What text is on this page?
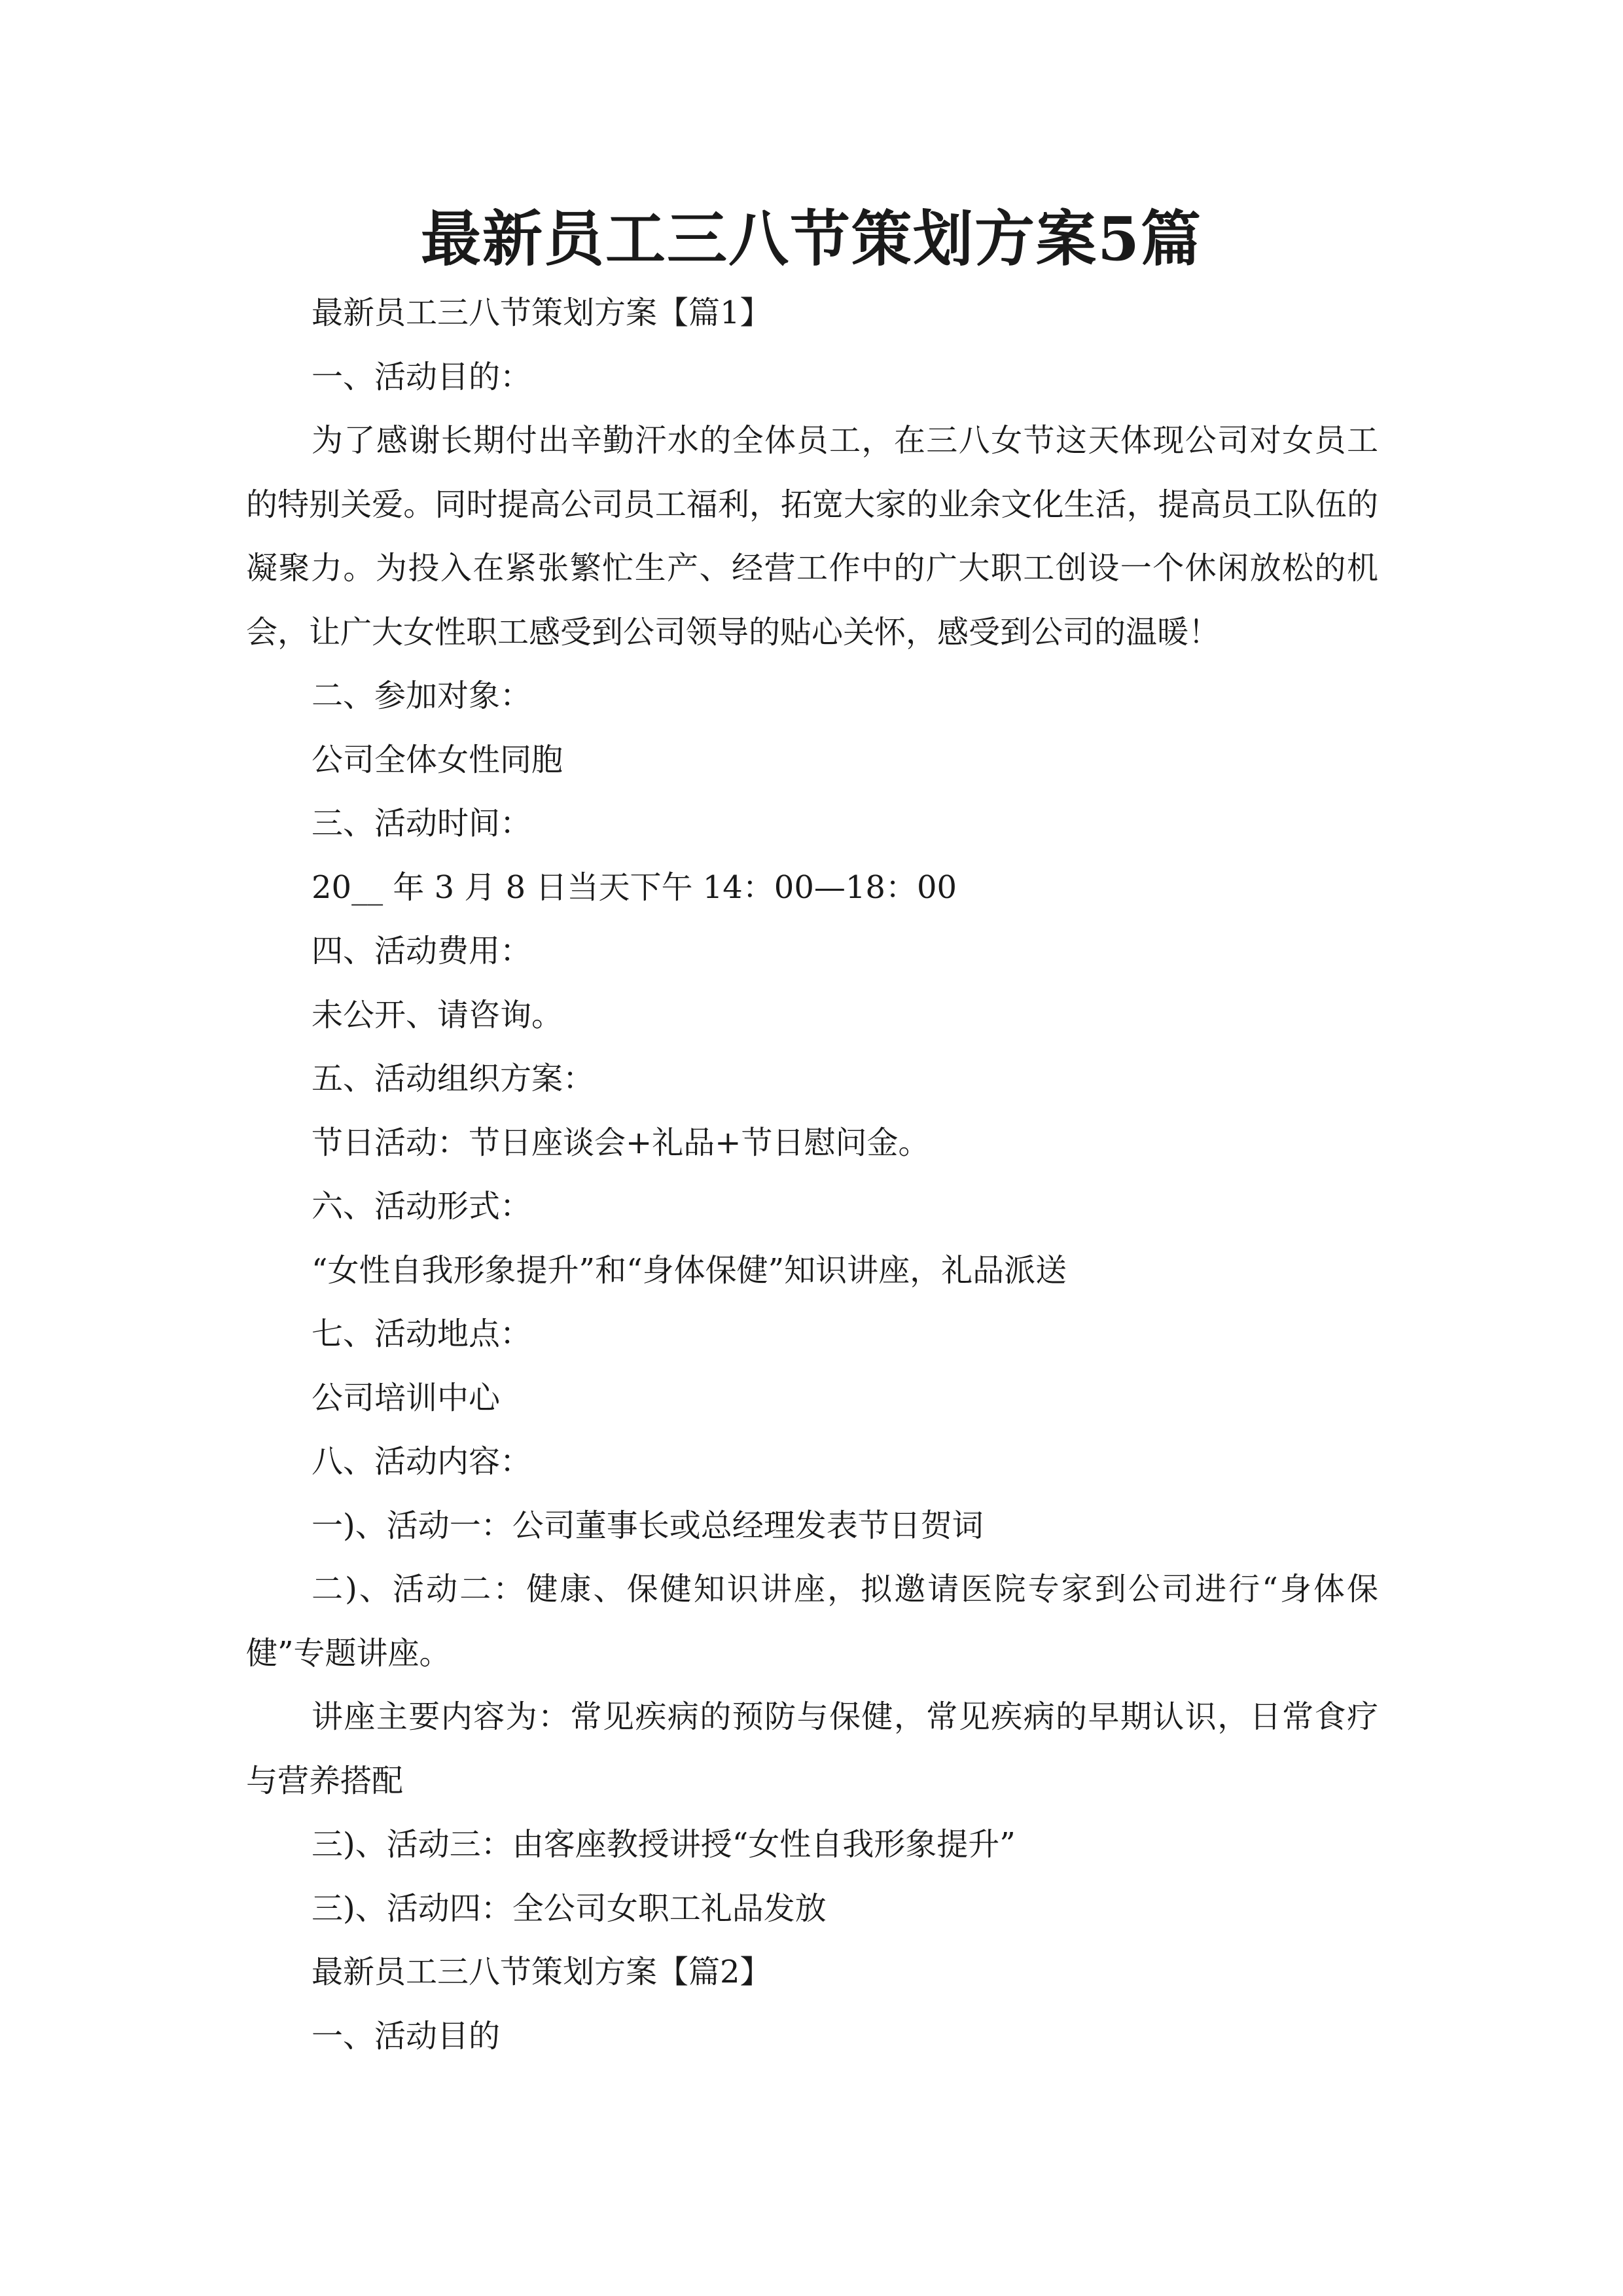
最新员工三八节策划方案5篇

最新员工三八节策划方案【篇1】

一、活动目的：

为了感谢长期付出辛勤汗水的全体员工，在三八女节这天体现公司对女员工的特别关爱。同时提高公司员工福利，拓宽大家的业余文化生活，提高员工队伍的凝聚力。为投入在紧张繁忙生产、经营工作中的广大职工创设一个休闲放松的机会，让广大女性职工感受到公司领导的贴心关怀，感受到公司的温暖！

二、参加对象：

公司全体女性同胞

三、活动时间：

20__ 年 3 月 8 日当天下午 14：00—18：00

四、活动费用：

未公开、请咨询。

五、活动组织方案：

节日活动：节日座谈会+礼品+节日慰问金。

六、活动形式：

“女性自我形象提升”和“身体保健”知识讲座，礼品派送

七、活动地点：

公司培训中心

八、活动内容：

一)、活动一：公司董事长或总经理发表节日贺词

二)、活动二：健康、保健知识讲座，拟邀请医院专家到公司进行“身体保健”专题讲座。

讲座主要内容为：常见疾病的预防与保健，常见疾病的早期认识，日常食疗与营养搭配

三)、活动三：由客座教授讲授“女性自我形象提升”

三)、活动四：全公司女职工礼品发放

最新员工三八节策划方案【篇2】

一、活动目的
